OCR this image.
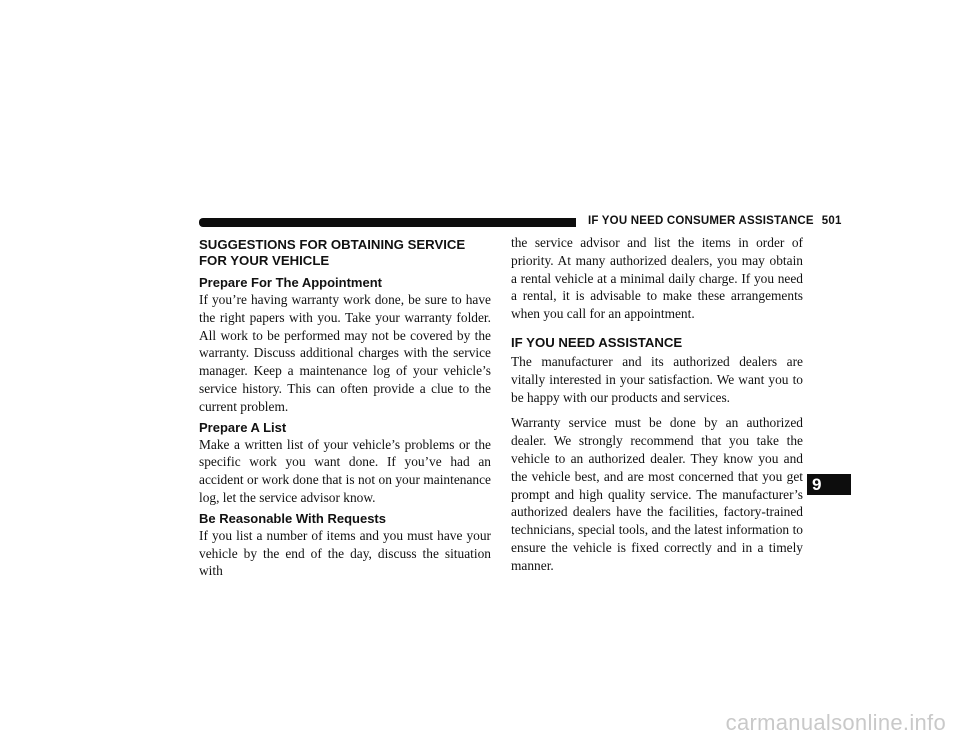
IF YOU NEED CONSUMER ASSISTANCE 501
SUGGESTIONS FOR OBTAINING SERVICE FOR YOUR VEHICLE
Prepare For The Appointment

If you’re having warranty work done, be sure to have the right papers with you. Take your warranty folder. All work to be performed may not be covered by the warranty. Discuss additional charges with the service manager. Keep a maintenance log of your vehicle’s service history. This can often provide a clue to the current problem.

Prepare A List

Make a written list of your vehicle’s problems or the specific work you want done. If you’ve had an accident or work done that is not on your maintenance log, let the service advisor know.

Be Reasonable With Requests

If you list a number of items and you must have your vehicle by the end of the day, discuss the situation with

the service advisor and list the items in order of priority. At many authorized dealers, you may obtain a rental vehicle at a minimal daily charge. If you need a rental, it is advisable to make these arrangements when you call for an appointment.

IF YOU NEED ASSISTANCE

The manufacturer and its authorized dealers are vitally interested in your satisfaction. We want you to be happy with our products and services.

Warranty service must be done by an authorized dealer. We strongly recommend that you take the vehicle to an authorized dealer. They know you and the vehicle best, and are most concerned that you get prompt and high quality service. The manufacturer’s authorized dealers have the facilities, factory-trained technicians, special tools, and the latest information to ensure the vehicle is fixed correctly and in a timely manner.

9
carmanualsonline.info
